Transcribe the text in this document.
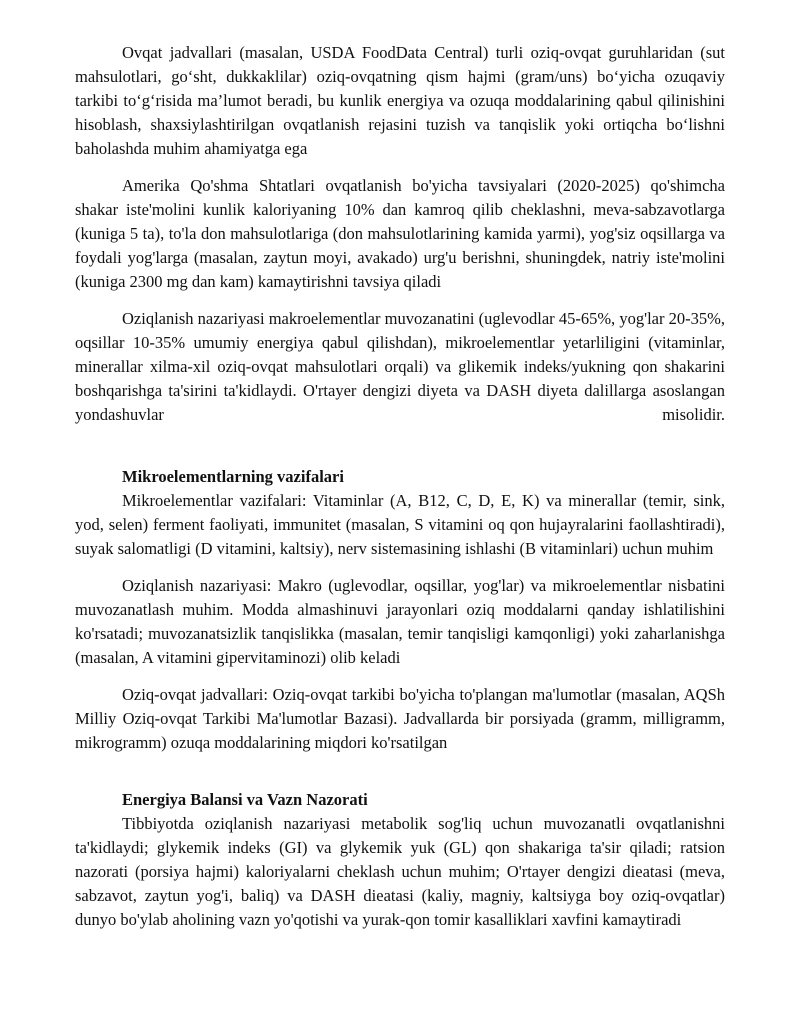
Ovqat jadvallari (masalan, USDA FoodData Central) turli oziq-ovqat guruhlaridan (sut mahsulotlari, go‘sht, dukkaklilar) oziq-ovqatning qism hajmi (gram/uns) bo‘yicha ozuqaviy tarkibi to‘g‘risida ma’lumot beradi, bu kunlik energiya va ozuqa moddalarining qabul qilinishini hisoblash, shaxsiylashtirilgan ovqatlanish rejasini tuzish va tanqislik yoki ortiqcha bo‘lishni baholashda muhim ahamiyatga ega

Amerika Qo'shma Shtatlari ovqatlanish bo'yicha tavsiyalari (2020-2025) qo'shimcha shakar iste'molini kunlik kaloriyaning 10% dan kamroq qilib cheklashni, meva-sabzavotlarga (kuniga 5 ta), to'la don mahsulotlariga (don mahsulotlarining kamida yarmi), yog'siz oqsillarga va foydali yog'larga (masalan, zaytun moyi, avakado) urg'u berishni, shuningdek, natriy iste'molini (kuniga 2300 mg dan kam) kamaytirishni tavsiya qiladi

Oziqlanish nazariyasi makroelementlar muvozanatini (uglevodlar 45-65%, yog'lar 20-35%, oqsillar 10-35% umumiy energiya qabul qilishdan), mikroelementlar yetarliligini (vitaminlar, minerallar xilma-xil oziq-ovqat mahsulotlari orqali) va glikemik indeks/yukning qon shakarini boshqarishga ta'sirini ta'kidlaydi. O'rtayer dengizi diyeta va DASH diyeta dalillarga asoslangan yondashuvlar misolidir.

Mikroelementlarning vazifalari

Mikroelementlar vazifalari: Vitaminlar (A, B12, C, D, E, K) va minerallar (temir, sink, yod, selen) ferment faoliyati, immunitet (masalan, S vitamini oq qon hujayralarini faollashtiradi), suyak salomatligi (D vitamini, kaltsiy), nerv sistemasining ishlashi (B vitaminlari) uchun muhim

Oziqlanish nazariyasi: Makro (uglevodlar, oqsillar, yog'lar) va mikroelementlar nisbatini muvozanatlash muhim. Modda almashinuvi jarayonlari oziq moddalarni qanday ishlatilishini ko'rsatadi; muvozanatsizlik tanqislikka (masalan, temir tanqisligi kamqonligi) yoki zaharlanishga (masalan, A vitamini gipervitaminozi) olib keladi

Oziq-ovqat jadvallari: Oziq-ovqat tarkibi bo'yicha to'plangan ma'lumotlar (masalan, AQSh Milliy Oziq-ovqat Tarkibi Ma'lumotlar Bazasi). Jadvallarda bir porsiyada (gramm, milligramm, mikrogramm) ozuqa moddalarining miqdori ko'rsatilgan

Energiya Balansi va Vazn Nazorati

Tibbiyotda oziqlanish nazariyasi metabolik sog'liq uchun muvozanatli ovqatlanishni ta'kidlaydi; glykemik indeks (GI) va glykemik yuk (GL) qon shakariga ta'sir qiladi; ratsion nazorati (porsiya hajmi) kaloriyalarni cheklash uchun muhim; O'rtayer dengizi dieatasi (meva, sabzavot, zaytun yog'i, baliq) va DASH dieatasi (kaliy, magniy, kaltsiyga boy oziq-ovqatlar) dunyo bo'ylab aholining vazn yo'qotishi va yurak-qon tomir kasalliklari xavfini kamaytiradi
